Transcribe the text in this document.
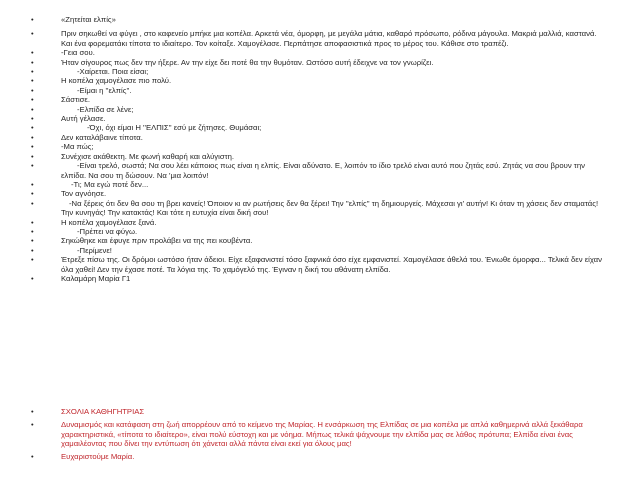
• «Ζητείται ελπίς»
• Πριν σηκωθεί να φύγει , στο καφενείο μπήκε μια κοπέλα. Αρκετά νέα, όμορφη, με μεγάλα μάτια, καθαρό πρόσωπο, ρόδινα μάγουλα. Μακριά μαλλιά, καστανά. Και ένα φορεματάκι τίποτα το ιδιαίτερο. Τον κοίταξε. Χαμογέλασε. Περπάτησε αποφασιστικά προς το μέρος του. Κάθισε στο τραπέζι.
• -Γεια σου.
• Ήταν σίγουρος πως δεν την ήξερε. Αν την είχε δει ποτέ θα την θυμόταν. Ωστόσο αυτή έδειχνε να τον γνωρίζει.
• -Χαίρεται. Ποια είσαι;
• Η κοπέλα χαμογέλασε πιο πολύ.
• -Είμαι η ''ελπίς''.
• Σάστισε.
• -Ελπίδα σε λένε;
• Αυτή γέλασε.
• -Όχι, όχι είμαι Η ''ΕΛΠΙΣ'' εσύ με ζήτησες. Θυμάσαι;
• Δεν καταλάβαινε τίποτα.
• -Μα πώς;
• Συνέχισε ακάθεκτη. Με φωνή καθαρή και αλύγιστη.
• -Είναι τρελό, σωστά; Να σου λέει κάποιος πως είναι η ελπίς. Είναι αδύνατο. Ε, λοιπόν το ίδιο τρελό είναι αυτό που ζητάς εσύ. Ζητάς να σου βρουν την ελπίδα. Να σου τη δώσουν. Να 'μια λοιπόν!
• -Τι; Μα εγώ ποτέ δεν...
• Τον αγνόησε.
• -Να ξέρεις ότι δεν θα σου τη βρει κανείς! Όποιον κι αν ρωτήσεις δεν θα ξέρει! Την ''ελπίς'' τη δημιουργείς. Μάχεσαι γι' αυτήν! Κι όταν τη χάσεις δεν σταματάς! Την κυνηγάς! Την κατακτάς! Και τότε η ευτυχία είναι δική σου!
• Η κοπέλα χαμογέλασε ξανά.
• -Πρέπει να φύγω.
• Σηκώθηκε και έφυγε πριν προλάβει να της πει κουβέντα.
• -Περίμενε!
• Έτρεξε πίσω της. Οι δρόμοι ωστόσο ήταν άδειοι. Είχε εξαφανιστεί τόσο ξαφνικά όσο είχε εμφανιστεί. Χαμογέλασε άθελά του. Ένιωθε όμορφα... Τελικά δεν είχαν όλα χαθεί! Δεν την έχασε ποτέ. Τα λόγια της. Το χαμόγελό της. Έγιναν η δική του αθάνατη ελπίδα.
• Καλαμάρη Μαρία Γ1
• ΣΧΟΛΙΑ ΚΑΘΗΓΗΤΡΙΑΣ
• Δυναμισμός και κατάφαση στη ζωή απορρέουν από το κείμενο της Μαρίας. Η ενσάρκωση της Ελπίδας σε μια κοπέλα με απλά καθημερινά αλλά ξεκάθαρα χαρακτηριστικά, «τίποτα το ιδιαίτερο», είναι πολύ εύστοχη και με νόημα. Μήπως τελικά ψάχνουμε την ελπίδα μας σε λάθος πρότυπα; Ελπίδα είναι ένας χαμαιλέοντας που δίνει την εντύπωση ότι χάνεται αλλά πάντα είναι εκεί για όλους μας!
• Ευχαριστούμε Μαρία.
